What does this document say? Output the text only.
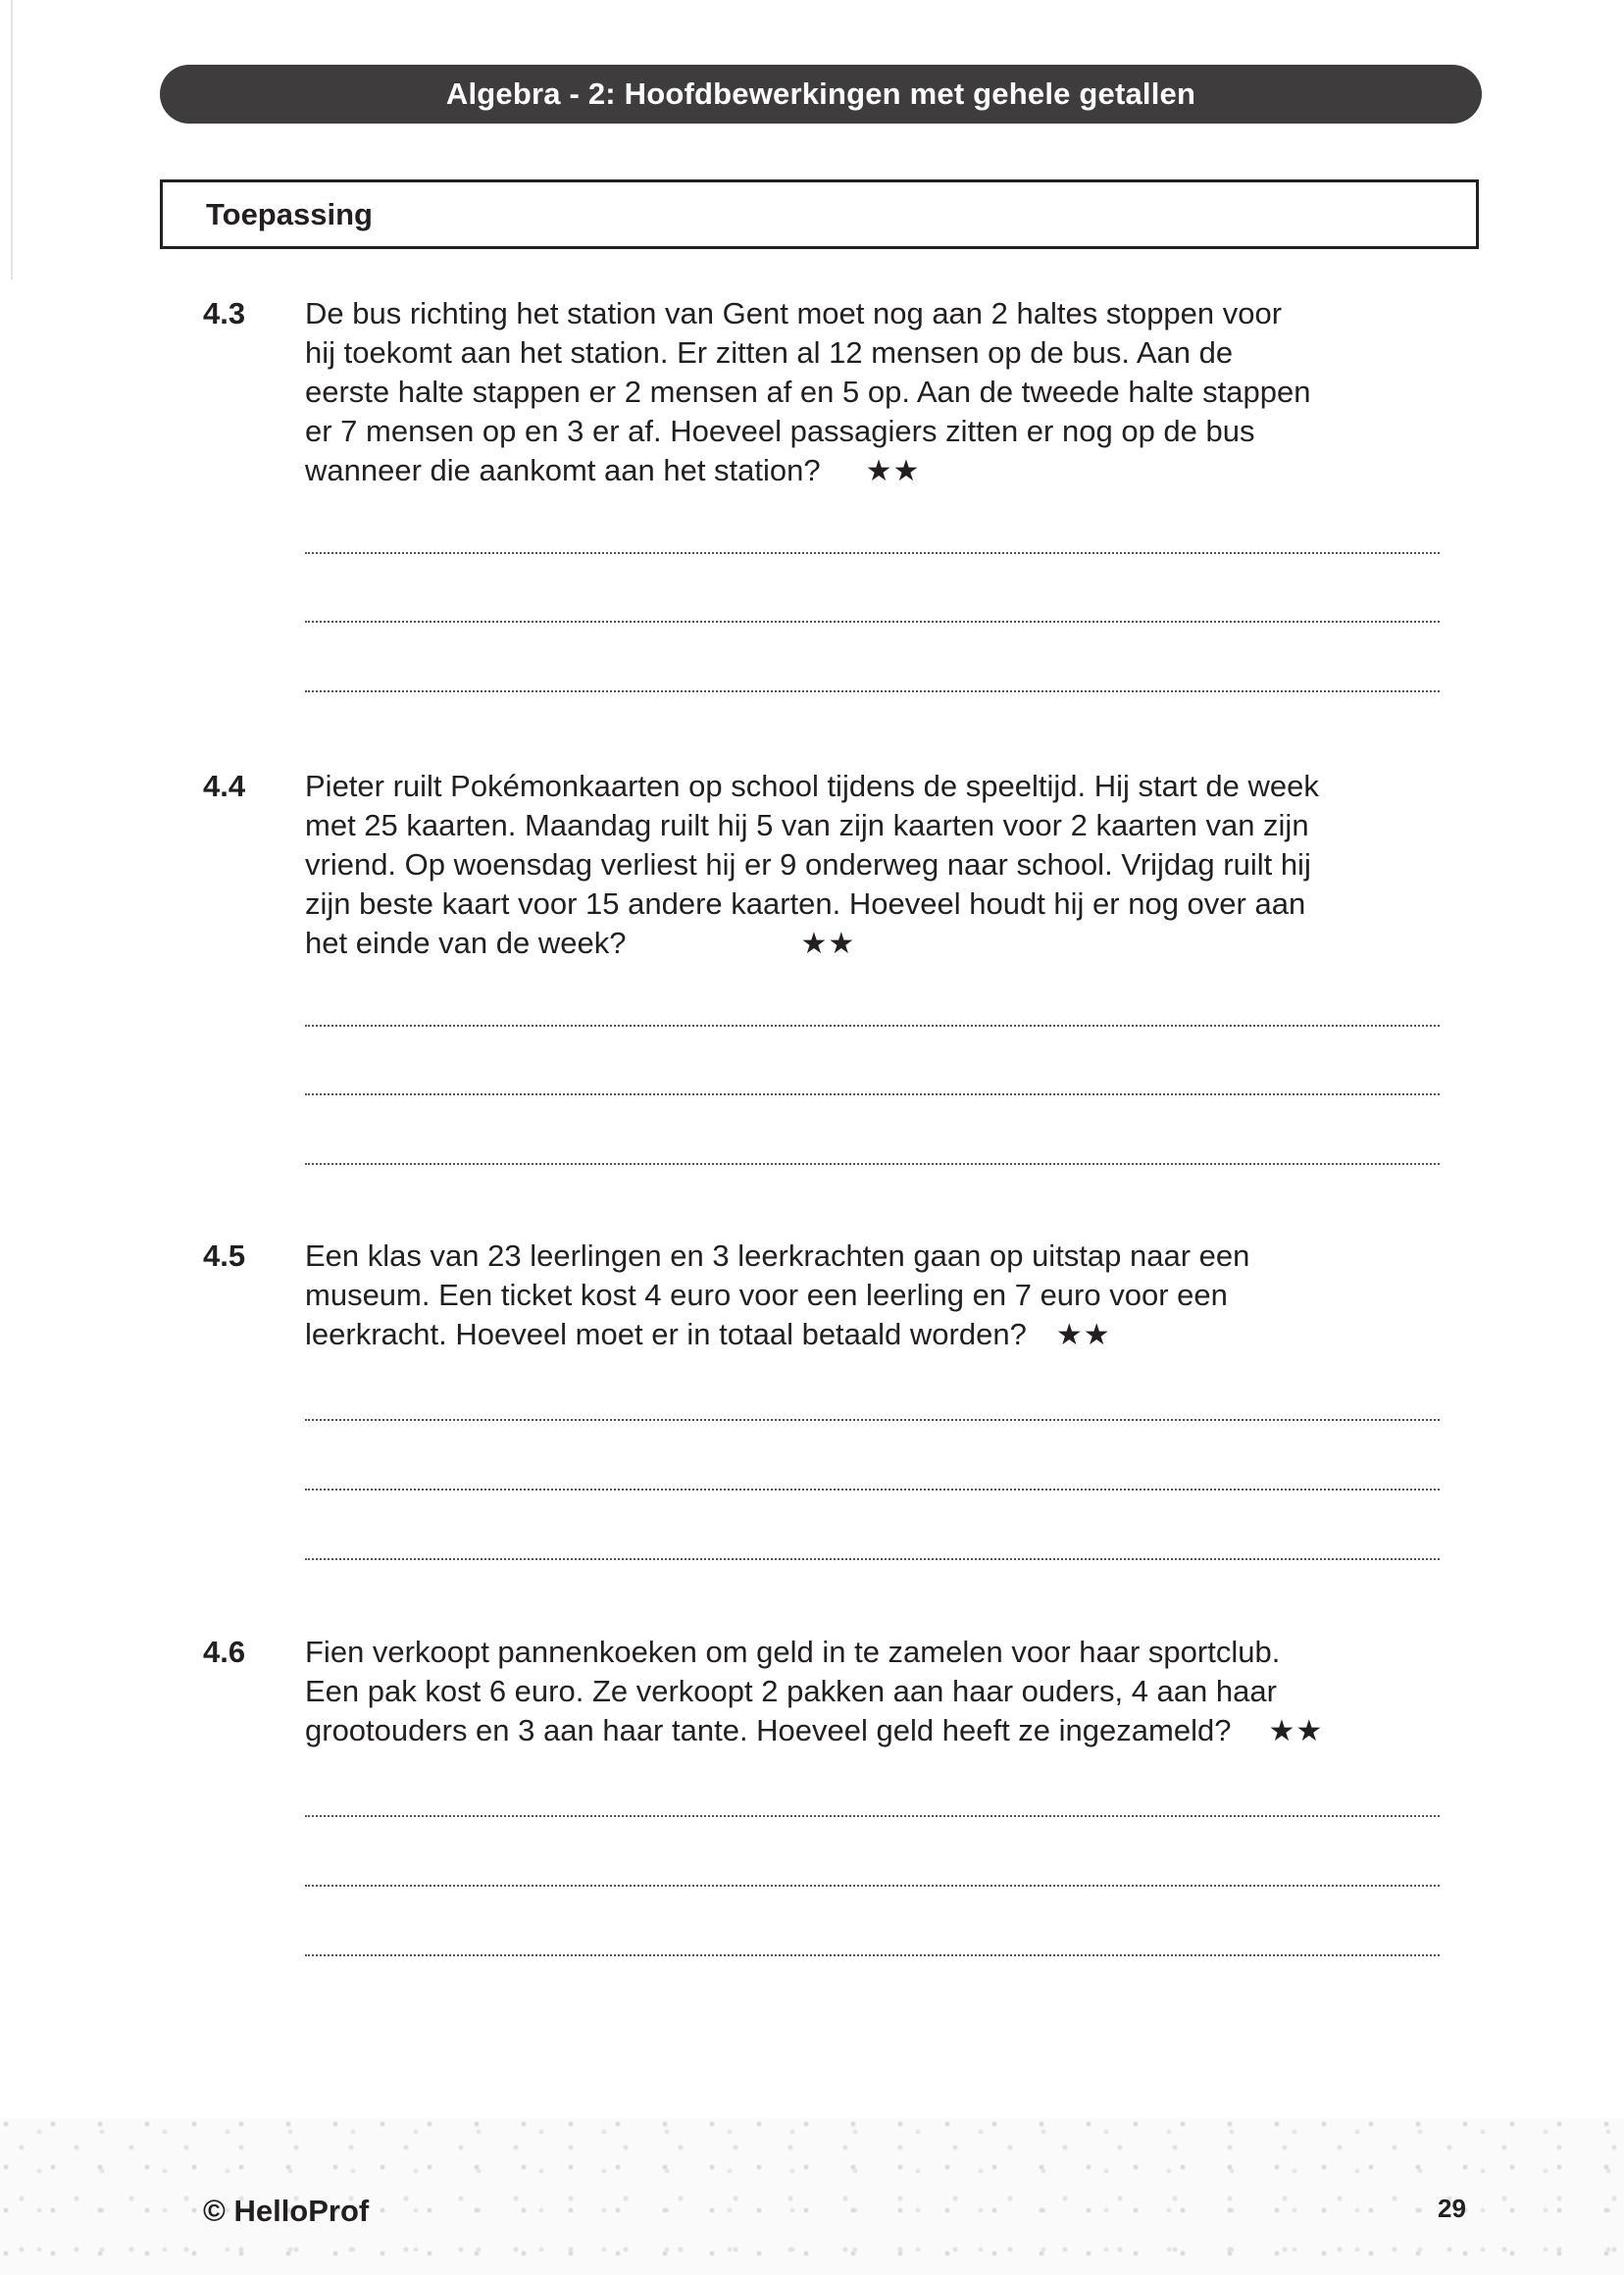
Algebra - 2: Hoofdbewerkingen met gehele getallen
Toepassing
4.3 De bus richting het station van Gent moet nog aan 2 haltes stoppen voor
hij toekomt aan het station. Er zitten al 12 mensen op de bus. Aan de
eerste halte stappen er 2 mensen af en 5 op. Aan de tweede halte stappen
er 7 mensen op en 3 er af. Hoeveel passagiers zitten er nog op de bus
wanneer die aankomt aan het station? ★★
4.4 Pieter ruilt Pokémonkaarten op school tijdens de speeltijd. Hij start de week
met 25 kaarten. Maandag ruilt hij 5 van zijn kaarten voor 2 kaarten van zijn
vriend. Op woensdag verliest hij er 9 onderweg naar school. Vrijdag ruilt hij
zijn beste kaart voor 15 andere kaarten. Hoeveel houdt hij er nog over aan
het einde van de week?	★★
4.5 Een klas van 23 leerlingen en 3 leerkrachten gaan op uitstap naar een
museum. Een ticket kost 4 euro voor een leerling en 7 euro voor een
leerkracht. Hoeveel moet er in totaal betaald worden? ★★
4.6 Fien verkoopt pannenkoeken om geld in te zamelen voor haar sportclub.
Een pak kost 6 euro. Ze verkoopt 2 pakken aan haar ouders, 4 aan haar
grootouders en 3 aan haar tante. Hoeveel geld heeft ze ingezameld? ★★
© HelloProf	29
